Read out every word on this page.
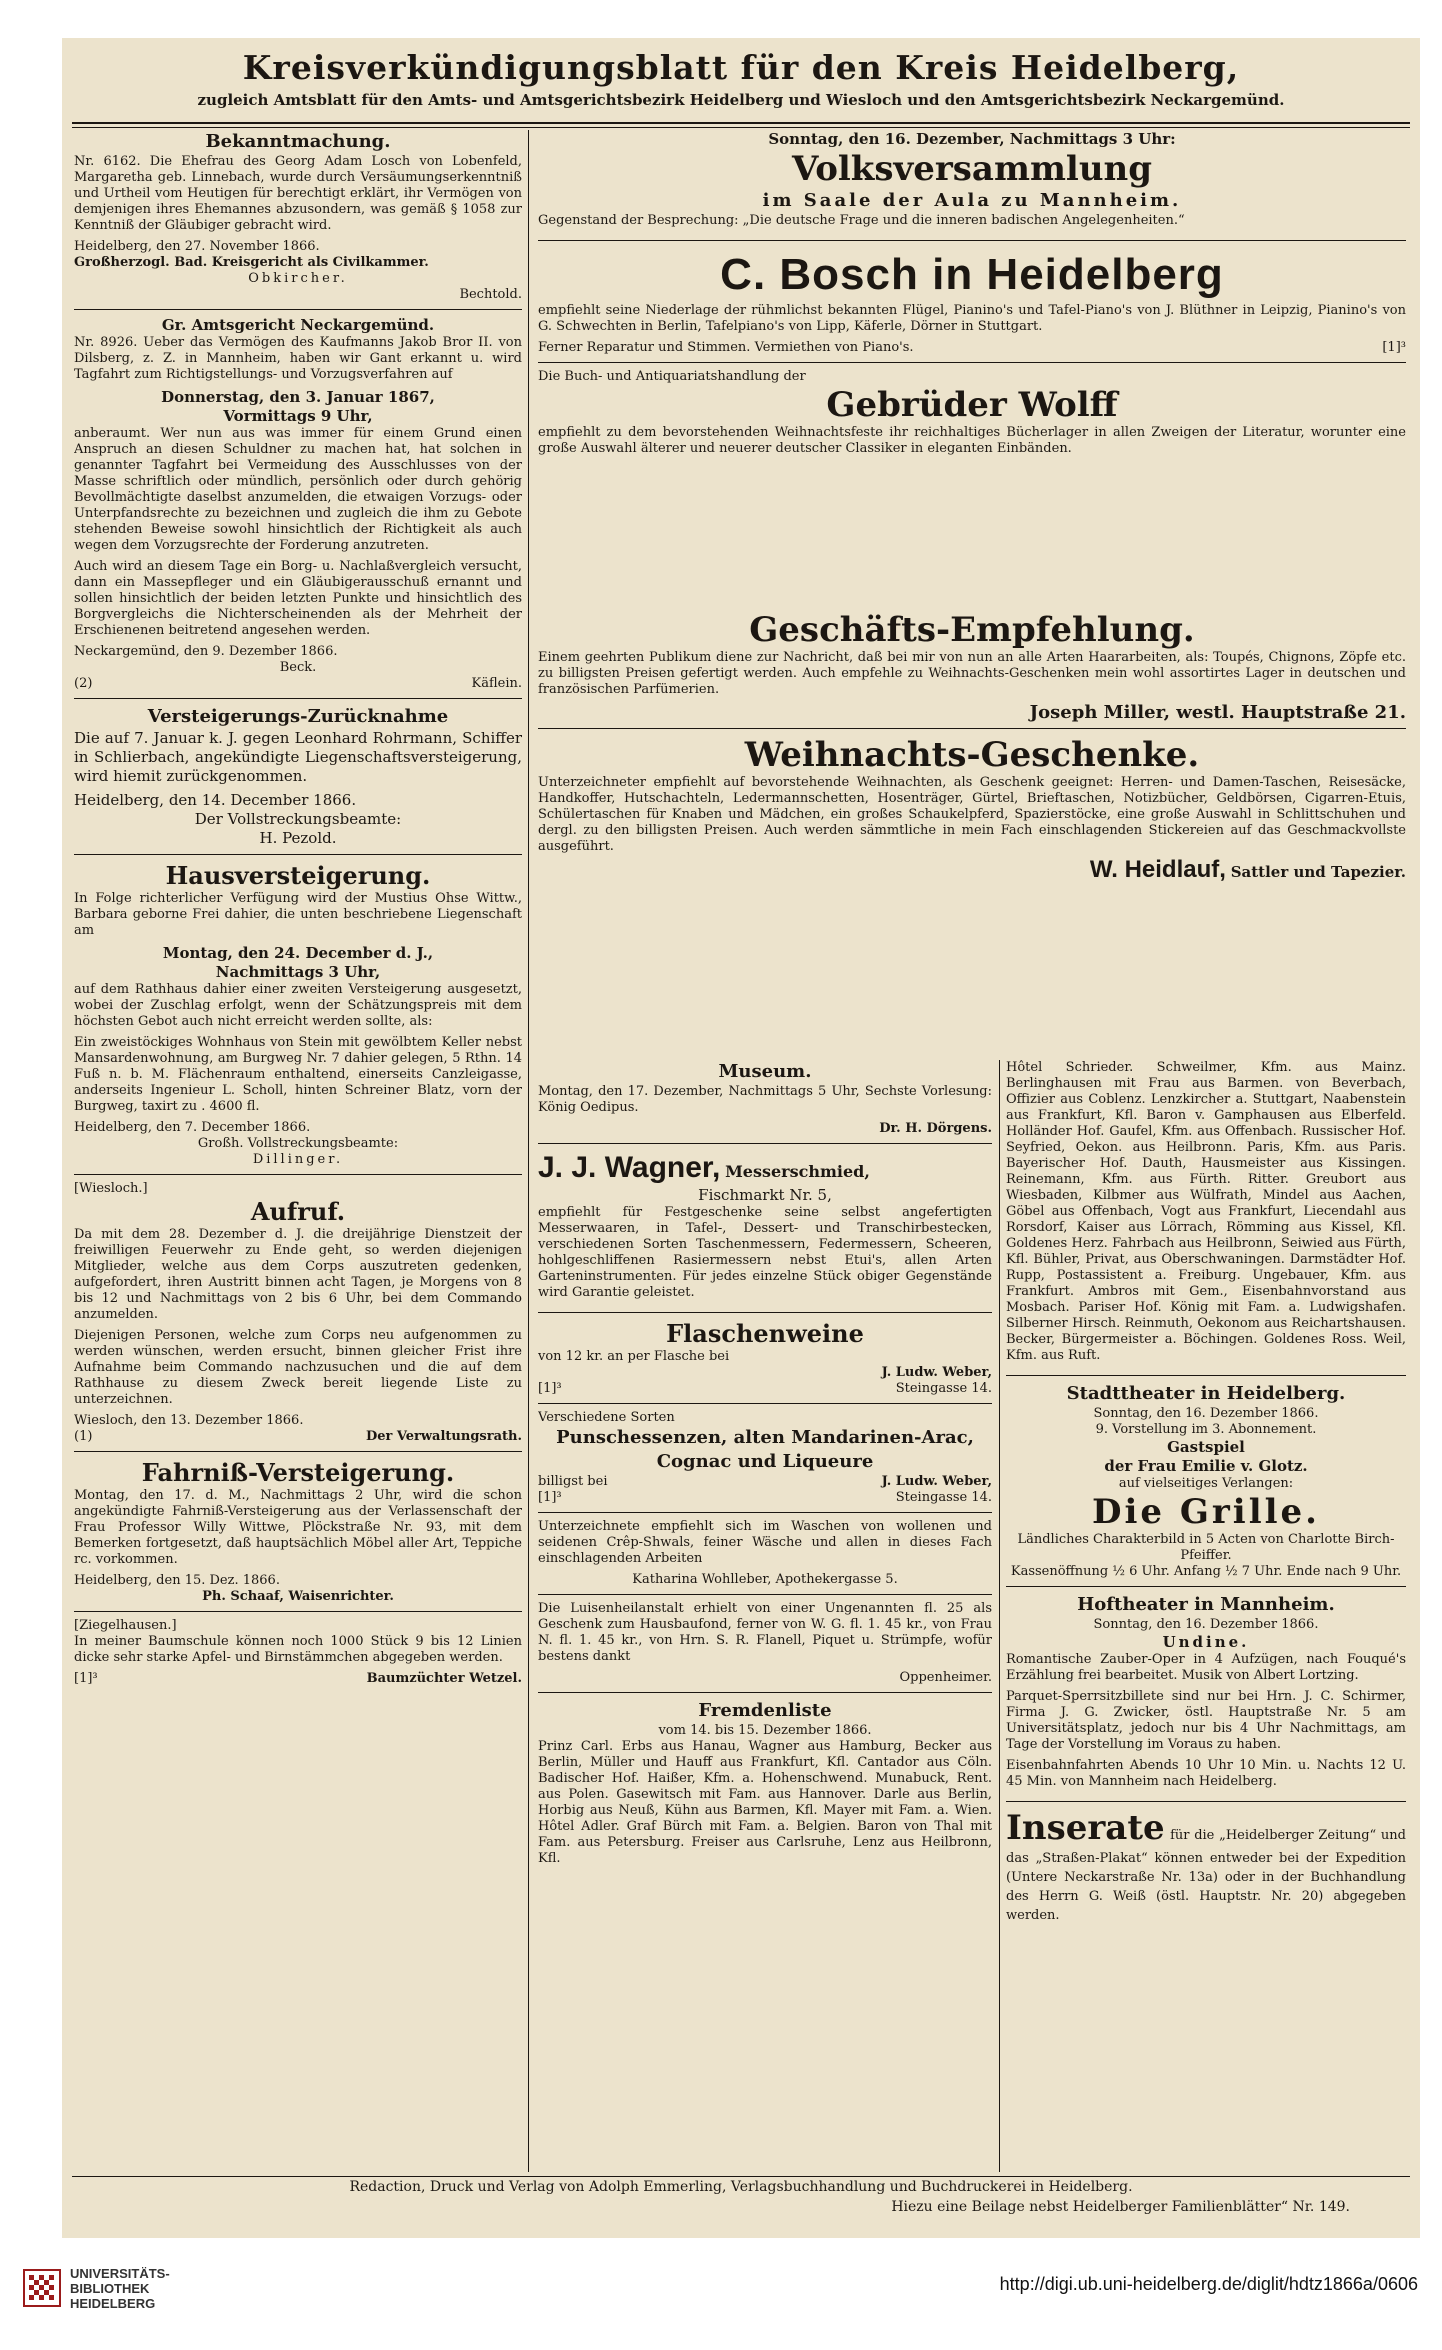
Kreisverkündigungsblatt für den Kreis Heidelberg,
zugleich Amtsblatt für den Amts- und Amtsgerichtsbezirk Heidelberg und Wiesloch und den Amtsgerichtsbezirk Neckargemünd.
Bekanntmachung.

Nr. 6162. Die Ehefrau des Georg Adam Losch von Lobenfeld, Margaretha geb. Linnebach, wurde durch Versäumungserkenntniß und Urtheil vom Heutigen für berechtigt erklärt, ihr Vermögen von demjenigen ihres Ehemannes abzusondern, was gemäß § 1058 zur Kenntniß der Gläubiger gebracht wird.

Heidelberg, den 27. November 1866.
Großherzogl. Bad. Kreisgericht als Civilkammer.
Obkircher.
Bechtold.
Gr. Amtsgericht Neckargemünd.

Nr. 8926. Ueber das Vermögen des Kaufmanns Jakob Bror II. von Dilsberg, z. Z. in Mannheim, haben wir Gant erkannt u. wird Tagfahrt zum Richtigstellungs- und Vorzugsverfahren auf

Donnerstag, den 3. Januar 1867,
Vormittags 9 Uhr,

anberaumt. Wer nun aus was immer für einem Grund einen Anspruch an diesen Schuldner zu machen hat, hat solchen in genannter Tagfahrt bei Vermeidung des Ausschlusses von der Masse schriftlich oder mündlich, persönlich oder durch gehörig Bevollmächtigte daselbst anzumelden, die etwaigen Vorzugs- oder Unterpfandsrechte zu bezeichnen und zugleich die ihm zu Gebote stehenden Beweise sowohl hinsichtlich der Richtigkeit als auch wegen dem Vorzugsrechte der Forderung anzutreten.

Auch wird an diesem Tage ein Borg- u. Nachlaßvergleich versucht, dann ein Massepfleger und ein Gläubigerausschuß ernannt und sollen hinsichtlich der beiden letzten Punkte und hinsichtlich des Borgvergleichs die Nichterscheinenden als der Mehrheit der Erschienenen beitretend angesehen werden.

Neckargemünd, den 9. Dezember 1866.
Beck.
(2)	Käflein.
Versteigerungs-Zurücknahme

Die auf 7. Januar k. J. gegen Leonhard Rohrmann, Schiffer in Schlierbach, angekündigte Liegenschaftsversteigerung, wird hiemit zurückgenommen.

Heidelberg, den 14. December 1866.
Der Vollstreckungsbeamte:
H. Pezold.
Hausversteigerung.

In Folge richterlicher Verfügung wird der Mustius Ohse Wittw., Barbara geborne Frei dahier, die unten beschriebene Liegenschaft am

Montag, den 24. December d. J.,
Nachmittags 3 Uhr,

auf dem Rathhaus dahier einer zweiten Versteigerung ausgesetzt, wobei der Zuschlag erfolgt, wenn der Schätzungspreis mit dem höchsten Gebot auch nicht erreicht werden sollte, als:

Ein zweistöckiges Wohnhaus von Stein mit gewölbtem Keller nebst Mansardenwohnung, am Burgweg Nr. 7 dahier gelegen, 5 Rthn. 14 Fuß n. b. M. Flächenraum enthaltend, einerseits Canzleigasse, anderseits Ingenieur L. Scholl, hinten Schreiner Blatz, vorn der Burgweg, taxirt zu . 4600 fl.

Heidelberg, den 7. December 1866.
Großh. Vollstreckungsbeamte:
Dillinger.
[Wiesloch.]
Aufruf.

Da mit dem 28. Dezember d. J. die dreijährige Dienstzeit der freiwilligen Feuerwehr zu Ende geht, so werden diejenigen Mitglieder, welche aus dem Corps auszutreten gedenken, aufgefordert, ihren Austritt binnen acht Tagen, je Morgens von 8 bis 12 und Nachmittags von 2 bis 6 Uhr, bei dem Commando anzumelden.

Diejenigen Personen, welche zum Corps neu aufgenommen zu werden wünschen, werden ersucht, binnen gleicher Frist ihre Aufnahme beim Commando nachzusuchen und die auf dem Rathhause zu diesem Zweck bereit liegende Liste zu unterzeichnen.

Wiesloch, den 13. Dezember 1866.
(1)	Der Verwaltungsrath.
Fahrniß-Versteigerung.

Montag, den 17. d. M., Nachmittags 2 Uhr, wird die schon angekündigte Fahrniß-Versteigerung aus der Verlassenschaft der Frau Professor Willy Wittwe, Plöckstraße Nr. 93, mit dem Bemerken fortgesetzt, daß hauptsächlich Möbel aller Art, Teppiche rc. vorkommen.

Heidelberg, den 15. Dez. 1866.
Ph. Schaaf, Waisenrichter.
[Ziegelhausen.]

In meiner Baumschule können noch 1000 Stück 9 bis 12 Linien dicke sehr starke Apfel- und Birnstämmchen abgegeben werden.

[1]³	Baumzüchter Wetzel.
Sonntag, den 16. Dezember, Nachmittags 3 Uhr:
Volksversammlung
im Saale der Aula zu Mannheim.

Gegenstand der Besprechung: „Die deutsche Frage und die inneren badischen Angelegenheiten.“

C. Bosch in Heidelberg

empfiehlt seine Niederlage der rühmlichst bekannten Flügel, Pianino's und Tafel-Piano's von J. Blüthner in Leipzig, Pianino's von G. Schwechten in Berlin, Tafelpiano's von Lipp, Käferle, Dörner in Stuttgart.

Ferner Reparatur und Stimmen. Vermiethen von Piano's.	[1]³
Die Buch- und Antiquariatshandlung der
Gebrüder Wolff

empfiehlt zu dem bevorstehenden Weihnachtsfeste ihr reichhaltiges Bücherlager in allen Zweigen der Literatur, worunter eine große Auswahl älterer und neuerer deutscher Classiker in eleganten Einbänden.

Geschäfts-Empfehlung.

Einem geehrten Publikum diene zur Nachricht, daß bei mir von nun an alle Arten Haararbeiten, als: Toupés, Chignons, Zöpfe etc. zu billigsten Preisen gefertigt werden. Auch empfehle zu Weihnachts-Geschenken mein wohl assortirtes Lager in deutschen und französischen Parfümerien.

Joseph Miller, westl. Hauptstraße 21.
Weihnachts-Geschenke.

Unterzeichneter empfiehlt auf bevorstehende Weihnachten, als Geschenk geeignet: Herren- und Damen-Taschen, Reisesäcke, Handkoffer, Hutschachteln, Ledermannschetten, Hosenträger, Gürtel, Brieftaschen, Notizbücher, Geldbörsen, Cigarren-Etuis, Schülertaschen für Knaben und Mädchen, ein großes Schaukelpferd, Spazierstöcke, eine große Auswahl in Schlittschuhen und dergl. zu den billigsten Preisen. Auch werden sämmtliche in mein Fach einschlagenden Stickereien auf das Geschmackvollste ausgeführt.

W. Heidlauf, Sattler und Tapezier.
Museum.

Montag, den 17. Dezember, Nachmittags 5 Uhr, Sechste Vorlesung: König Oedipus.

Dr. H. Dörgens.
J. J. Wagner, Messerschmied,
Fischmarkt Nr. 5,

empfiehlt für Festgeschenke seine selbst angefertigten Messerwaaren, in Tafel-, Dessert- und Transchirbestecken, verschiedenen Sorten Taschenmessern, Federmessern, Scheeren, hohlgeschliffenen Rasiermessern nebst Etui's, allen Arten Garteninstrumenten. Für jedes einzelne Stück obiger Gegenstände wird Garantie geleistet.

Flaschenweine
von 12 kr. an per Flasche bei
J. Ludw. Weber,
[1]³	Steingasse 14.
Verschiedene Sorten
Punschessenzen, alten Mandarinen-Arac, Cognac und Liqueure
billigst bei	J. Ludw. Weber,
[1]³	Steingasse 14.

Unterzeichnete empfiehlt sich im Waschen von wollenen und seidenen Crêp-Shwals, feiner Wäsche und allen in dieses Fach einschlagenden Arbeiten

Katharina Wohlleber, Apothekergasse 5.

Die Luisenheilanstalt erhielt von einer Ungenannten fl. 25 als Geschenk zum Hausbaufond, ferner von W. G. fl. 1. 45 kr., von Frau N. fl. 1. 45 kr., von Hrn. S. R. Flanell, Piquet u. Strümpfe, wofür bestens dankt

Oppenheimer.
Fremdenliste
vom 14. bis 15. Dezember 1866.

Prinz Carl. Erbs aus Hanau, Wagner aus Hamburg, Becker aus Berlin, Müller und Hauff aus Frankfurt, Kfl. Cantador aus Cöln. Badischer Hof. Haißer, Kfm. a. Hohenschwend. Munabuck, Rent. aus Polen. Gasewitsch mit Fam. aus Hannover. Darle aus Berlin, Horbig aus Neuß, Kühn aus Barmen, Kfl. Mayer mit Fam. a. Wien. Hôtel Adler. Graf Bürch mit Fam. a. Belgien. Baron von Thal mit Fam. aus Petersburg. Freiser aus Carlsruhe, Lenz aus Heilbronn, Kfl.

Hôtel Schrieder. Schweilmer, Kfm. aus Mainz. Berlinghausen mit Frau aus Barmen. von Beverbach, Offizier aus Coblenz. Lenzkircher a. Stuttgart, Naabenstein aus Frankfurt, Kfl. Baron v. Gamphausen aus Elberfeld. Holländer Hof. Gaufel, Kfm. aus Offenbach. Russischer Hof. Seyfried, Oekon. aus Heilbronn. Paris, Kfm. aus Paris. Bayerischer Hof. Dauth, Hausmeister aus Kissingen. Reinemann, Kfm. aus Fürth. Ritter. Greubort aus Wiesbaden, Kilbmer aus Wülfrath, Mindel aus Aachen, Göbel aus Offenbach, Vogt aus Frankfurt, Liecendahl aus Rorsdorf, Kaiser aus Lörrach, Römming aus Kissel, Kfl. Goldenes Herz. Fahrbach aus Heilbronn, Seiwied aus Fürth, Kfl. Bühler, Privat, aus Oberschwaningen. Darmstädter Hof. Rupp, Postassistent a. Freiburg. Ungebauer, Kfm. aus Frankfurt. Ambros mit Gem., Eisenbahnvorstand aus Mosbach. Pariser Hof. König mit Fam. a. Ludwigshafen. Silberner Hirsch. Reinmuth, Oekonom aus Reichartshausen. Becker, Bürgermeister a. Böchingen. Goldenes Ross. Weil, Kfm. aus Ruft.

Stadttheater in Heidelberg.
Sonntag, den 16. Dezember 1866.
9. Vorstellung im 3. Abonnement.
Gastspiel
der Frau Emilie v. Glotz.
auf vielseitiges Verlangen:
Die Grille.
Ländliches Charakterbild in 5 Acten von Charlotte Birch-Pfeiffer.
Kassenöffnung ½ 6 Uhr. Anfang ½ 7 Uhr. Ende nach 9 Uhr.
Hoftheater in Mannheim.
Sonntag, den 16. Dezember 1866.
Undine.

Romantische Zauber-Oper in 4 Aufzügen, nach Fouqué's Erzählung frei bearbeitet. Musik von Albert Lortzing.

Parquet-Sperrsitzbillete sind nur bei Hrn. J. C. Schirmer, Firma J. G. Zwicker, östl. Hauptstraße Nr. 5 am Universitätsplatz, jedoch nur bis 4 Uhr Nachmittags, am Tage der Vorstellung im Voraus zu haben.

Eisenbahnfahrten Abends 10 Uhr 10 Min. u. Nachts 12 U. 45 Min. von Mannheim nach Heidelberg.

Inserate für die „Heidelberger Zeitung“ und das „Straßen-Plakat“ können entweder bei der Expedition (Untere Neckarstraße Nr. 13a) oder in der Buchhandlung des Herrn G. Weiß (östl. Hauptstr. Nr. 20) abgegeben werden.
Redaction, Druck und Verlag von Adolph Emmerling, Verlagsbuchhandlung und Buchdruckerei in Heidelberg.
Hiezu eine Beilage nebst Heidelberger Familienblätter“ Nr. 149.
UNIVERSITÄTS-
BIBLIOTHEK
HEIDELBERG
http://digi.ub.uni-heidelberg.de/diglit/hdtz1866a/0606
